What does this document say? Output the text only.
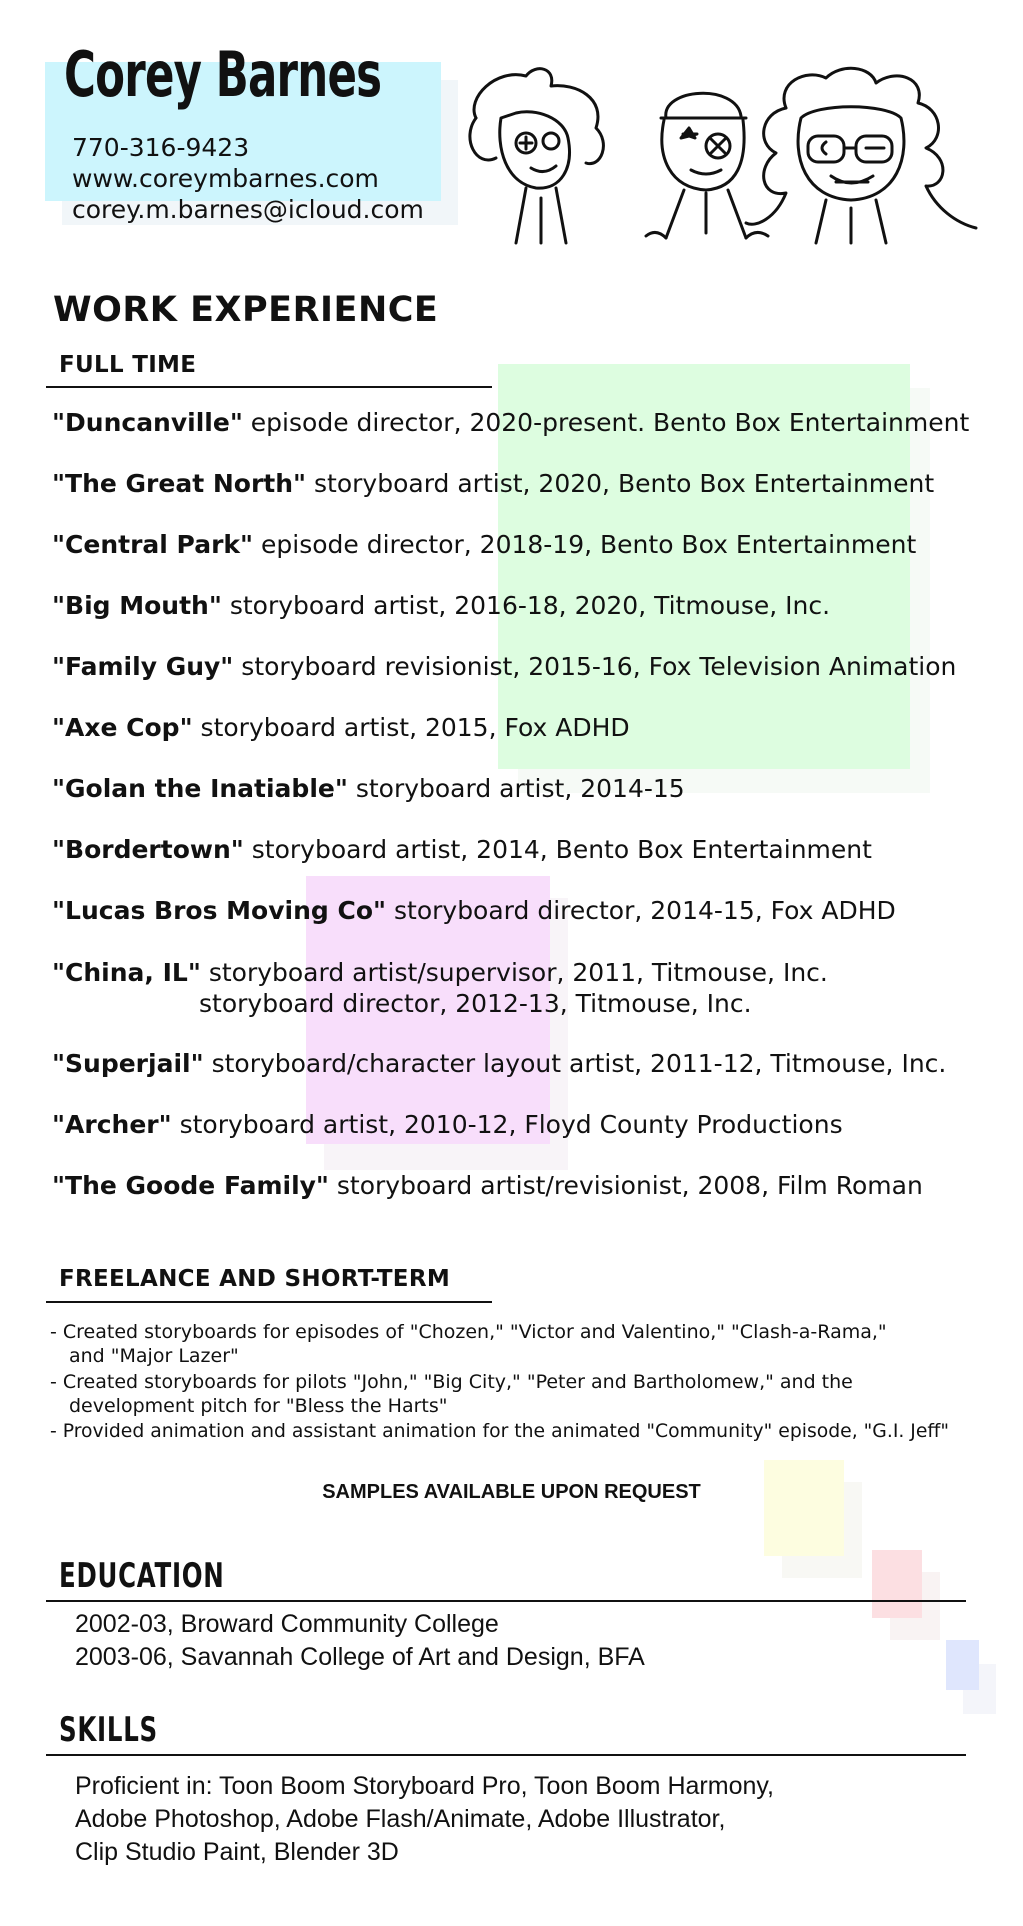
Corey Barnes
770-316-9423
www.coreymbarnes.com
corey.m.barnes@icloud.com
WORK EXPERIENCE
FULL TIME
"Duncanville" episode director, 2020-present. Bento Box Entertainment
"The Great North" storyboard artist, 2020, Bento Box Entertainment
"Central Park" episode director, 2018-19, Bento Box Entertainment
"Big Mouth" storyboard artist, 2016-18, 2020, Titmouse, Inc.
"Family Guy" storyboard revisionist, 2015-16, Fox Television Animation
"Axe Cop" storyboard artist, 2015, Fox ADHD
"Golan the Inatiable" storyboard artist, 2014-15
"Bordertown" storyboard artist, 2014, Bento Box Entertainment
"Lucas Bros Moving Co" storyboard director, 2014-15, Fox ADHD
"China, IL" storyboard artist/supervisor, 2011, Titmouse, Inc.
storyboard director, 2012-13, Titmouse, Inc.
"Superjail" storyboard/character layout artist, 2011-12, Titmouse, Inc.
"Archer" storyboard artist, 2010-12, Floyd County Productions
"The Goode Family" storyboard artist/revisionist, 2008, Film Roman
FREELANCE AND SHORT-TERM
- Created storyboards for episodes of "Chozen," "Victor and Valentino," "Clash-a-Rama,"
and "Major Lazer"
- Created storyboards for pilots "John," "Big City," "Peter and Bartholomew," and the
development pitch for "Bless the Harts"
- Provided animation and assistant animation for the animated "Community" episode, "G.I. Jeff"
SAMPLES AVAILABLE UPON REQUEST
EDUCATION
2002-03, Broward Community College
2003-06, Savannah College of Art and Design, BFA
SKILLS
Proficient in: Toon Boom Storyboard Pro, Toon Boom Harmony,
Adobe Photoshop, Adobe Flash/Animate, Adobe Illustrator,
Clip Studio Paint, Blender 3D
